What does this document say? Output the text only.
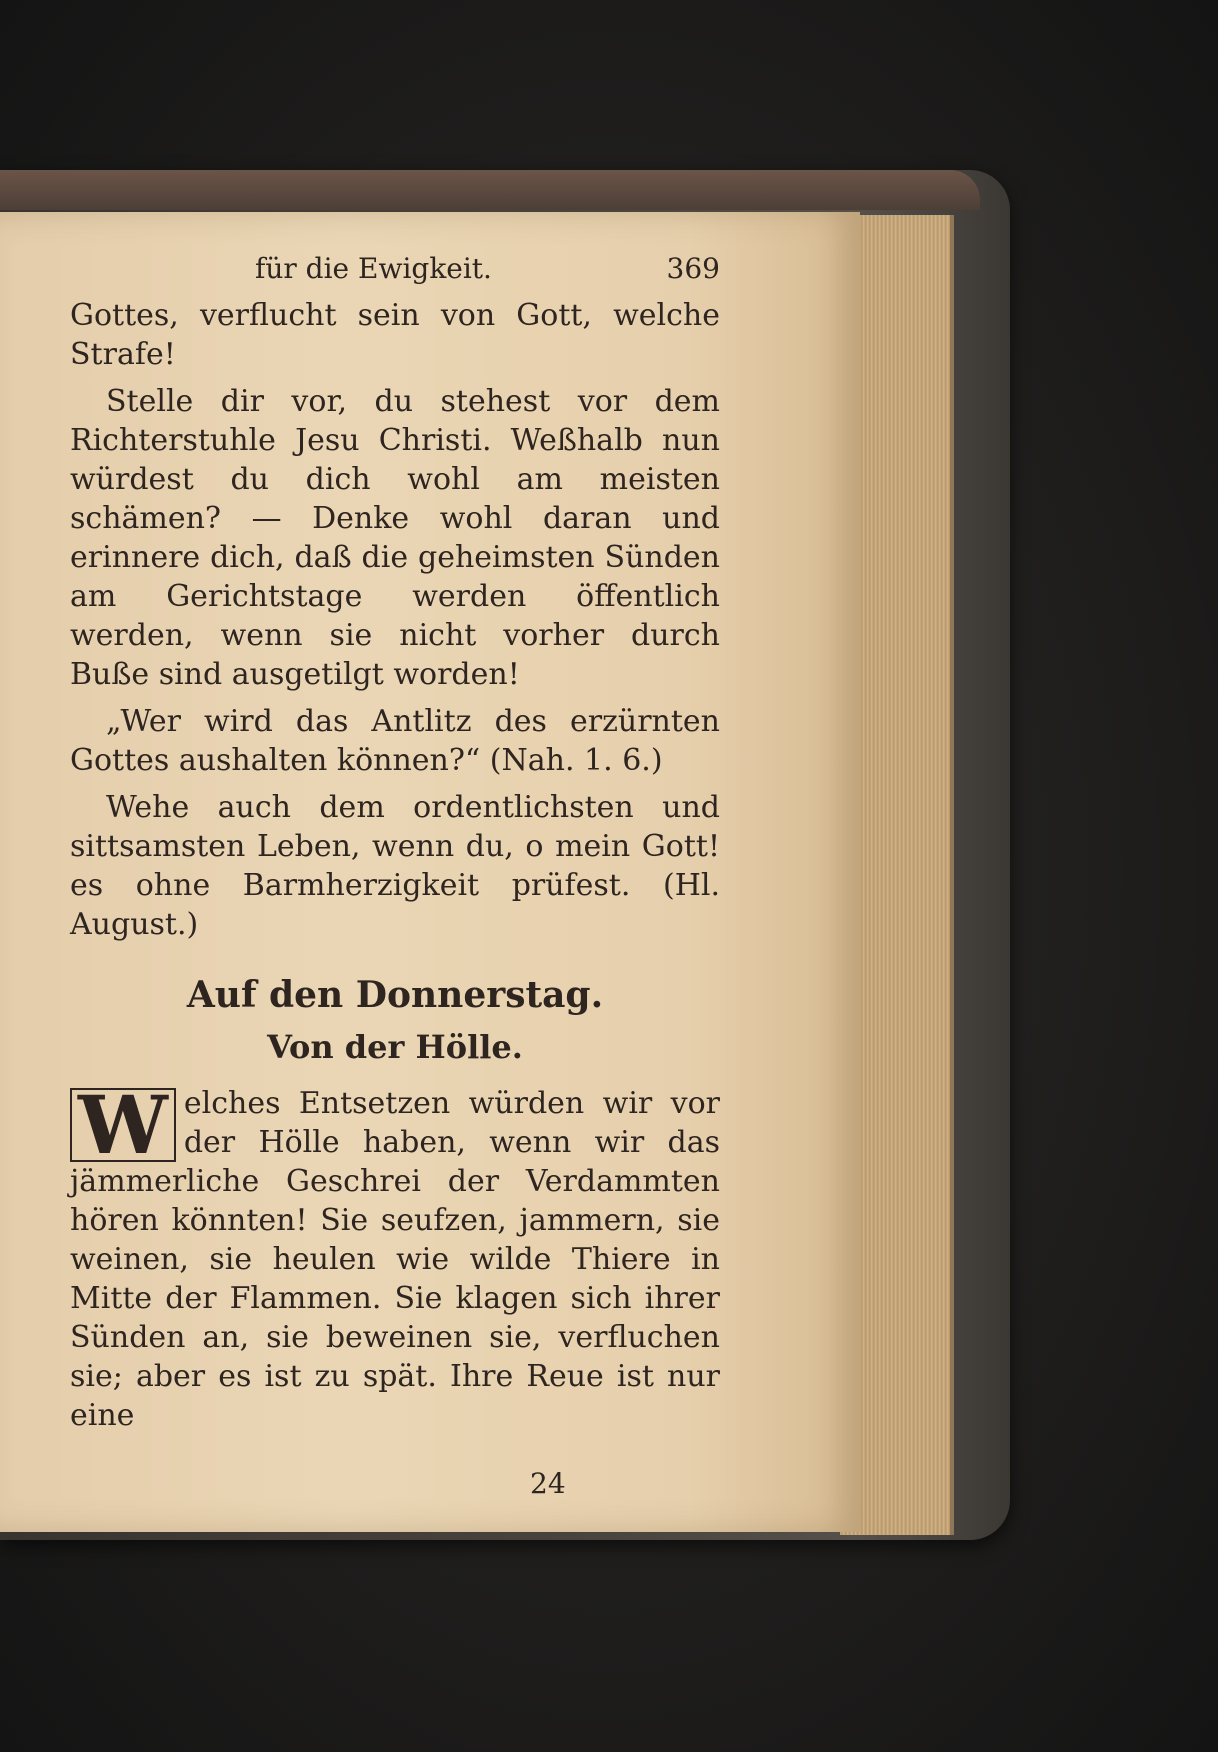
für die Ewigkeit.	369

Gottes, verflucht sein von Gott, welche Strafe!

Stelle dir vor, du stehest vor dem Richterstuhle Jesu Christi. Weßhalb nun würdest du dich wohl am meisten schämen? — Denke wohl daran und erinnere dich, daß die geheimsten Sünden am Gerichtstage werden öffentlich werden, wenn sie nicht vorher durch Buße sind ausgetilgt worden!

„Wer wird das Antlitz des erzürnten Gottes aushalten können?“ (Nah. 1. 6.)

Wehe auch dem ordentlichsten und sittsamsten Leben, wenn du, o mein Gott! es ohne Barmherzigkeit prüfest. (Hl. August.)

Auf den Donnerstag.
Von der Hölle.
W elches Entsetzen würden wir vor der Hölle haben, wenn wir das jämmerliche Geschrei der Verdammten hören könnten! Sie seufzen, jammern, sie weinen, sie heulen wie wilde Thiere in Mitte der Flammen. Sie klagen sich ihrer Sünden an, sie beweinen sie, verfluchen sie; aber es ist zu spät. Ihre Reue ist nur eine
24
